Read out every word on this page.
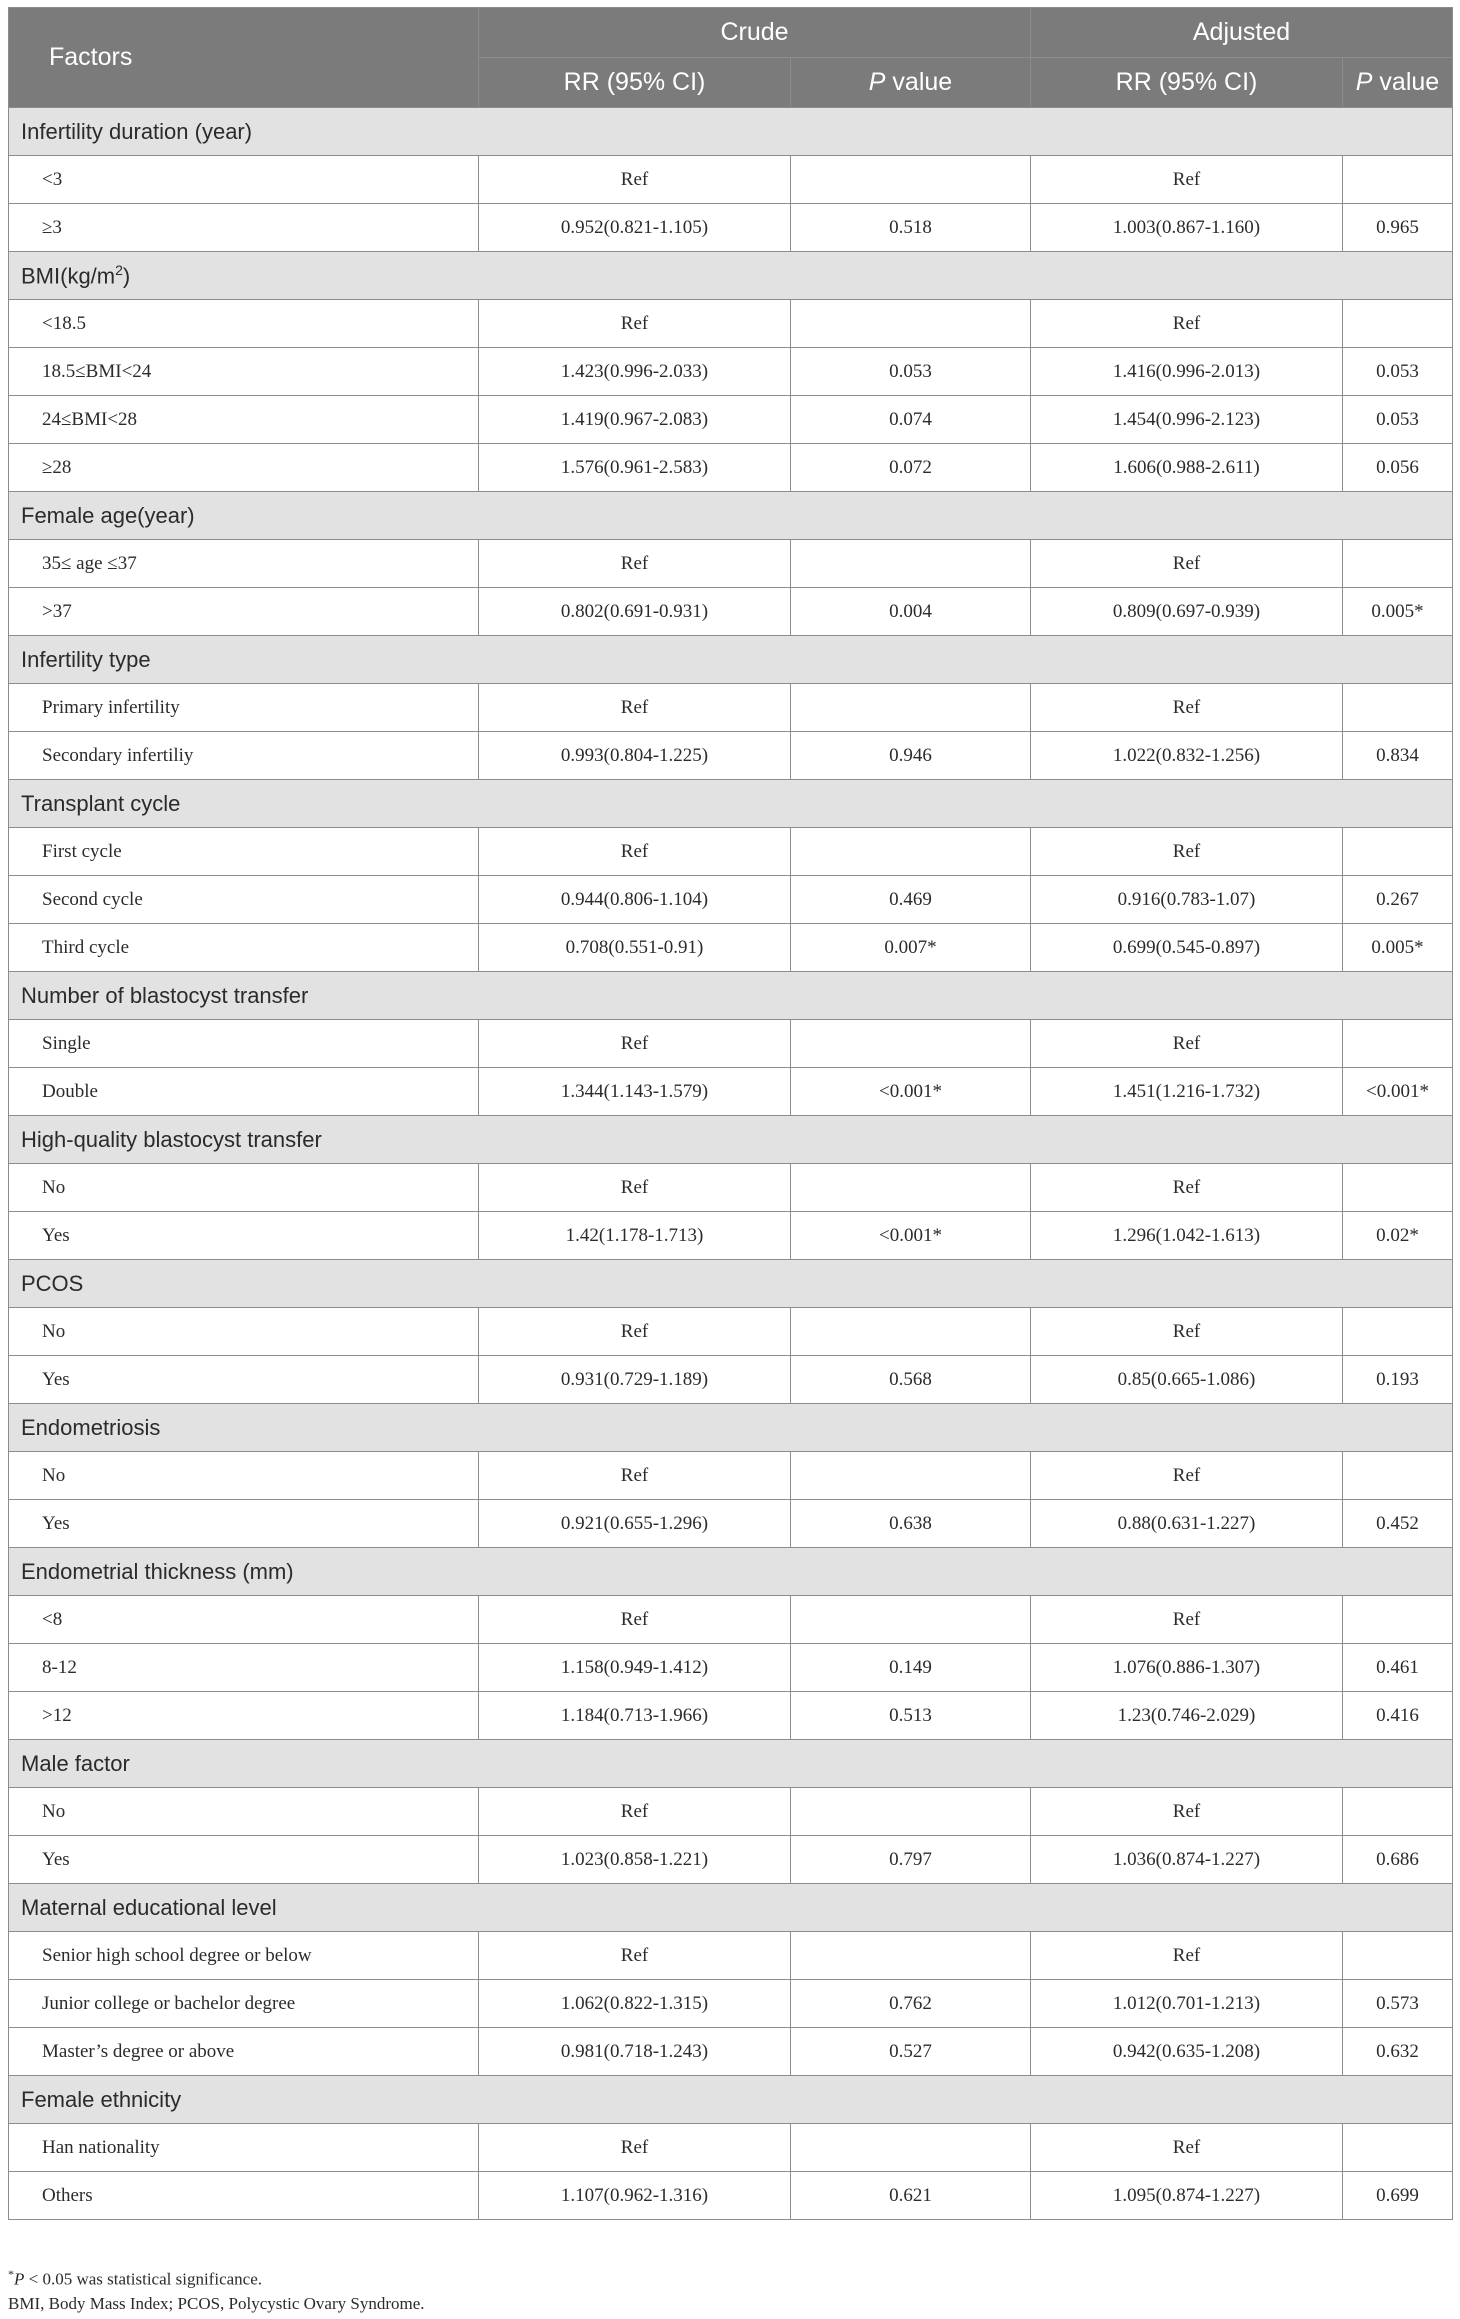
Factors	Crude		Adjusted	
	RR (95% CI)	P value	RR (95% CI)	P value
Infertility duration (year)				
<3	Ref		Ref	
≥3	0.952(0.821-1.105)	0.518	1.003(0.867-1.160)	0.965
$BMI(kg/m^2)$				
<18.5	Ref		Ref	
18.5≤BMI<24	1.423(0.996-2.033)	0.053	1.416(0.996-2.013)	0.053
24≤BMI<28	1.419(0.967-2.083)	0.074	1.454(0.996-2.123)	0.053
≥28	1.576(0.961-2.583)	0.072	1.606(0.988-2.611)	0.056
Female age(year)				
35≤ age ≤37	Ref		Ref	
>37	0.802(0.691-0.931)	0.004	0.809(0.697-0.939)	0.005*
Infertility type				
Primary infertility	Ref		Ref	
Secondary infertiliy	0.993(0.804-1.225)	0.946	1.022(0.832-1.256)	0.834
Transplant cycle				
First cycle	Ref		Ref	
Second cycle	0.944(0.806-1.104)	0.469	0.916(0.783-1.07)	0.267
Third cycle	0.708(0.551-0.91)	0.007*	0.699(0.545-0.897)	0.005*
Number of blastocyst transfer				
Single	Ref		Ref	
Double	1.344(1.143-1.579)	<0.001*	1.451(1.216-1.732)	<0.001*
High-quality blastocyst transfer				
No	Ref		Ref	
Yes	1.42(1.178-1.713)	<0.001*	1.296(1.042-1.613)	0.02*
PCOS				
No	Ref		Ref	
Yes	0.931(0.729-1.189)	0.568	0.85(0.665-1.086)	0.193
Endometriosis				
No	Ref		Ref	
Yes	0.921(0.655-1.296)	0.638	0.88(0.631-1.227)	0.452
Endometrial thickness (mm)				
<8	Ref		Ref	
8-12	1.158(0.949-1.412)	0.149	1.076(0.886-1.307)	0.461
>12	1.184(0.713-1.966)	0.513	1.23(0.746-2.029)	0.416
Male factor				
No	Ref		Ref	
Yes	1.023(0.858-1.221)	0.797	1.036(0.874-1.227)	0.686
Maternal educational level				
Senior high school degree or below	Ref		Ref	
Junior college or bachelor degree	1.062(0.822-1.315)	0.762	1.012(0.701-1.213)	0.573
Master’s degree or above	0.981(0.718-1.243)	0.527	0.942(0.635-1.208)	0.632
Female ethnicity				
Han nationality	Ref		Ref	
Others	1.107(0.962-1.316)	0.621	1.095(0.874-1.227)	0.699
*P < 0.05 was statistical significance.
BMI, Body Mass Index; PCOS, Polycystic Ovary Syndrome.
